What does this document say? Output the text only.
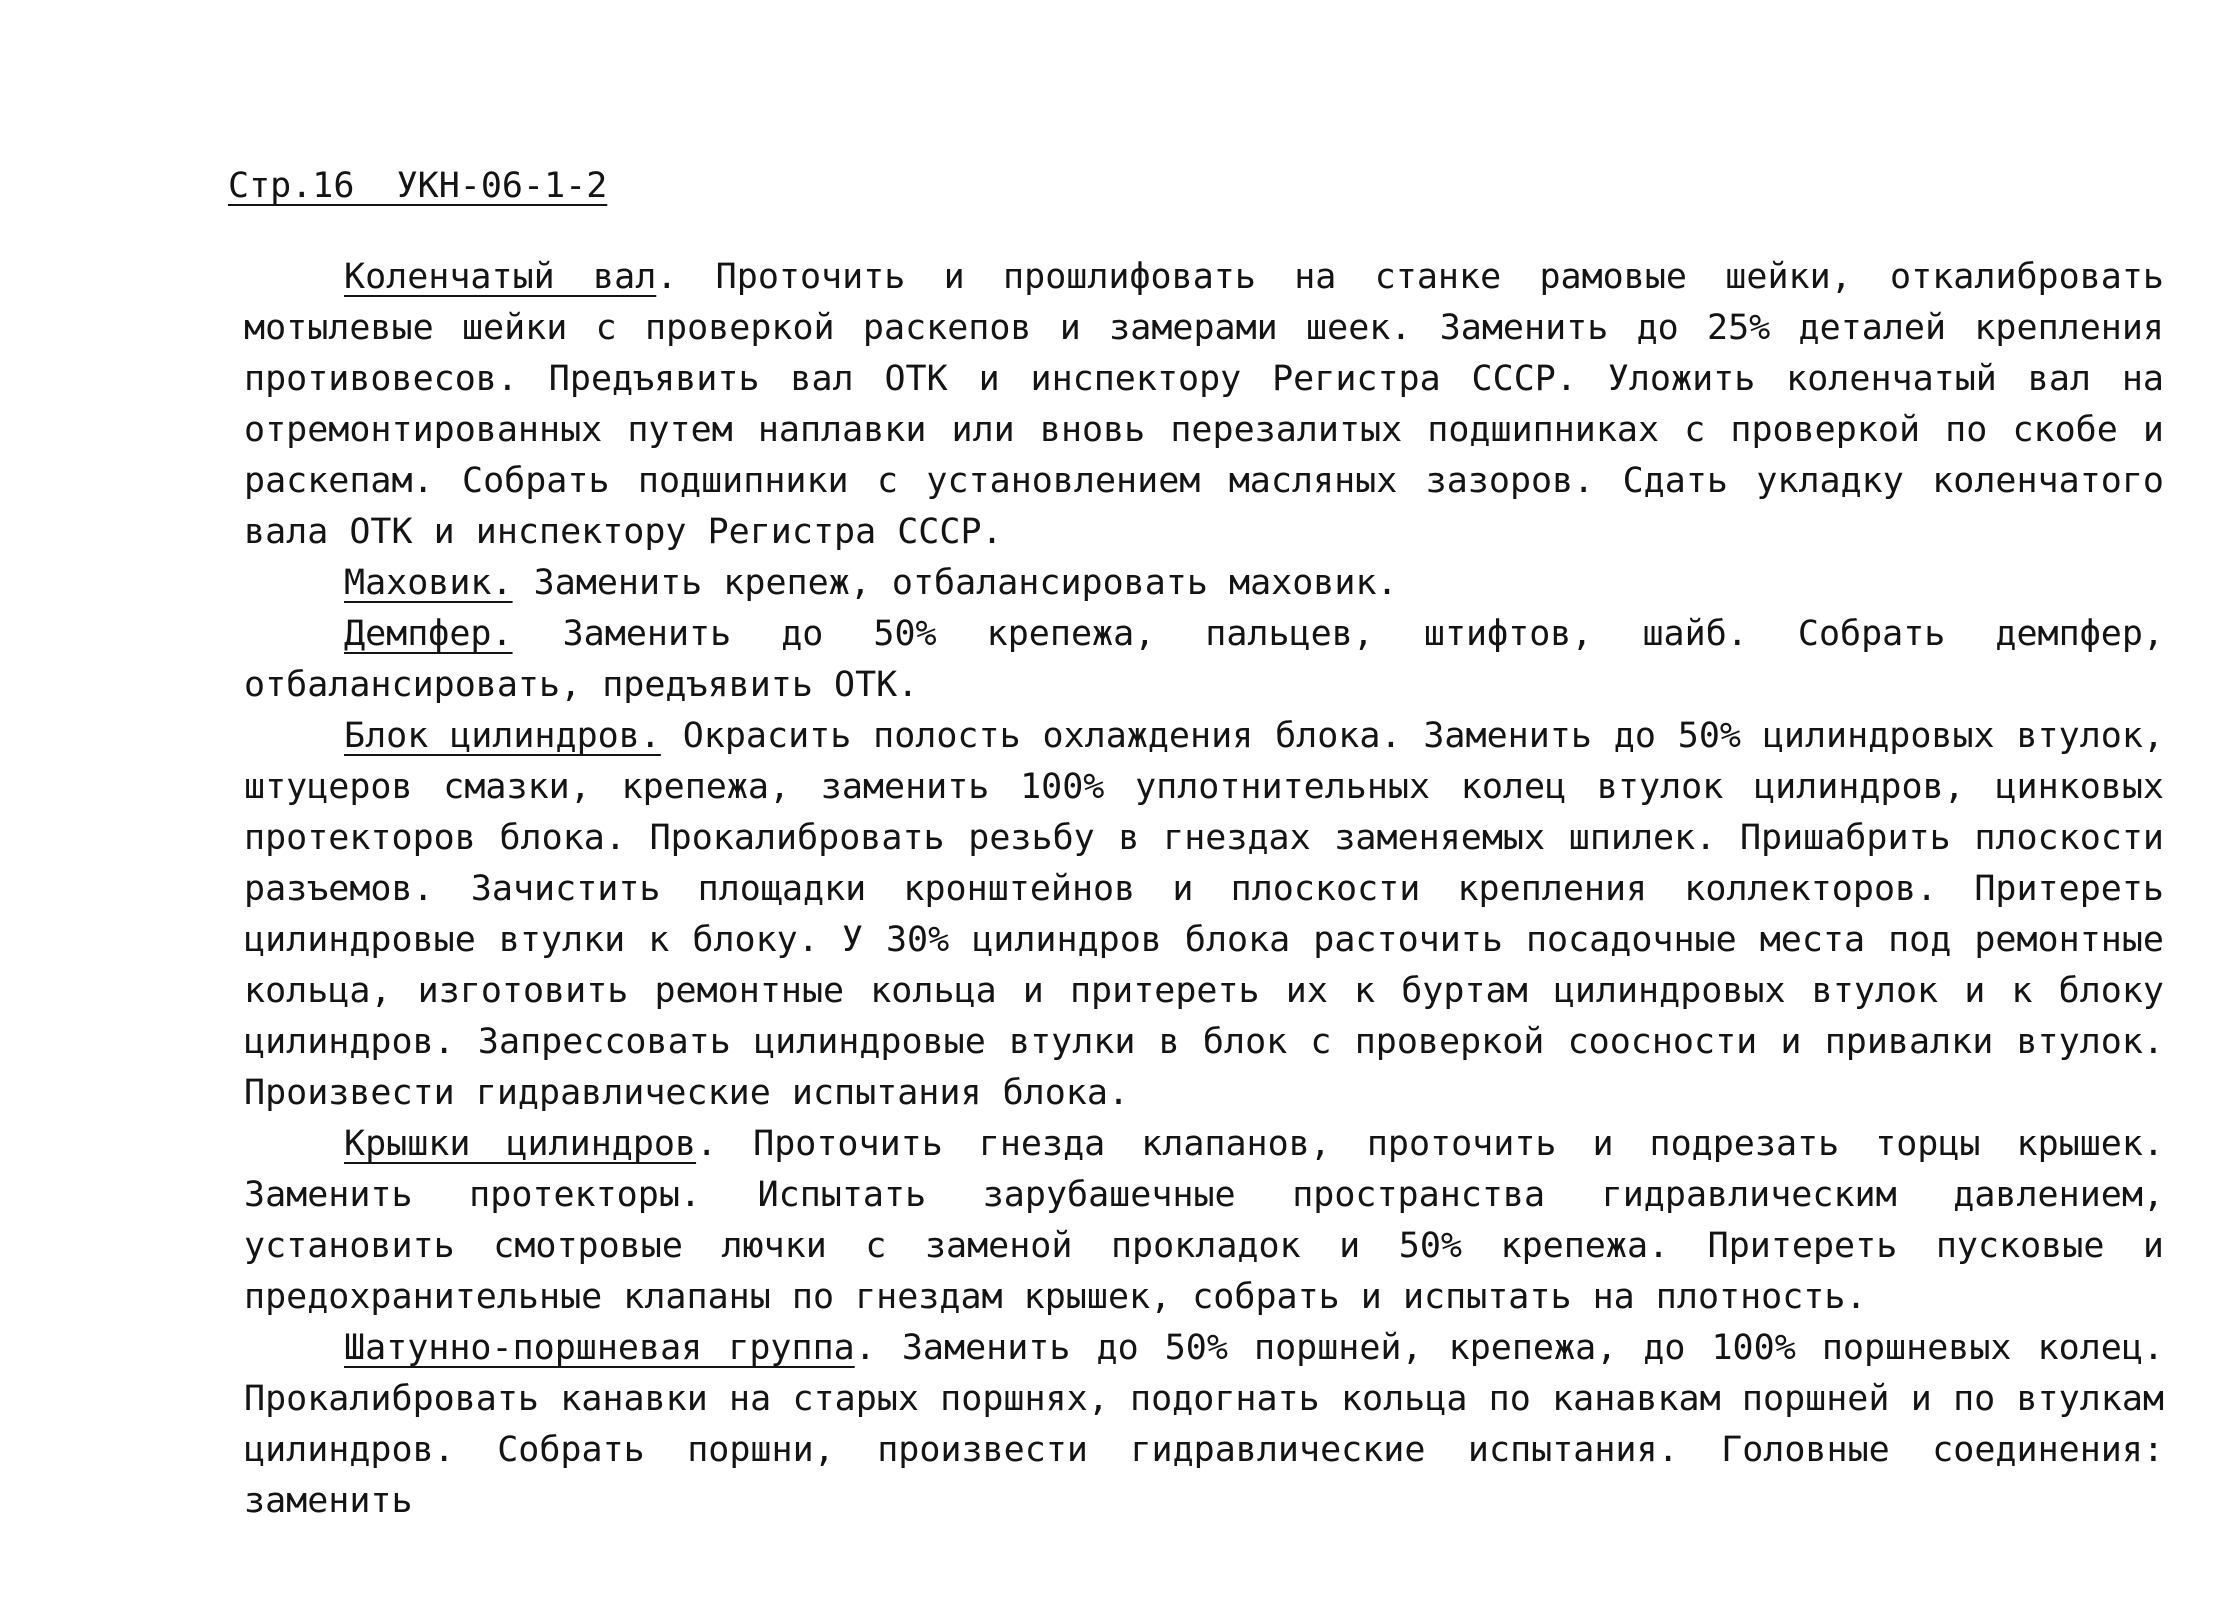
Стр.16  УКН-06-1-2

Коленчатый вал. Проточить и прошлифовать на станке рамовые шейки, откалибровать мотылевые шейки с проверкой раскепов и замерами шеек. Заменить до 25% деталей крепления противовесов. Предъявить вал ОТК и инспектору Регистра СССР. Уложить коленчатый вал на отремонтированных путем наплавки или вновь перезалитых подшипниках с проверкой по скобе и раскепам. Собрать подшипники с установлением масляных зазоров. Сдать укладку коленчатого вала ОТК и инспектору Регистра СССР.

Маховик. Заменить крепеж, отбалансировать маховик.

Демпфер. Заменить до 50% крепежа, пальцев, штифтов, шайб. Собрать демпфер, отбалансировать, предъявить ОТК.

Блок цилиндров. Окрасить полость охлаждения блока. Заменить до 50% цилиндровых втулок, штуцеров смазки, крепежа, заменить 100% уплотнительных колец втулок цилиндров, цинковых протекторов блока. Прокалибровать резьбу в гнездах заменяемых шпилек. Пришабрить плоскости разъемов. Зачистить площадки кронштейнов и плоскости крепления коллекторов. Притереть цилиндровые втулки к блоку. У 30% цилиндров блока расточить посадочные места под ремонтные кольца, изготовить ремонтные кольца и притереть их к буртам цилиндровых втулок и к блоку цилиндров. Запрессовать цилиндровые втулки в блок с проверкой соосности и привалки втулок. Произвести гидравлические испытания блока.

Крышки цилиндров. Проточить гнезда клапанов, проточить и подрезать торцы крышек. Заменить протекторы. Испытать зарубашечные пространства гидравлическим давлением, установить смотровые лючки с заменой прокладок и 50% крепежа. Притереть пусковые и предохранительные клапаны по гнездам крышек, собрать и испытать на плотность.

Шатунно-поршневая группа. Заменить до 50% поршней, крепежа, до 100% поршневых колец. Прокалибровать канавки на старых поршнях, подогнать кольца по канавкам поршней и по втулкам цилиндров. Собрать поршни, произвести гидравлические испытания. Головные соединения: заменить
